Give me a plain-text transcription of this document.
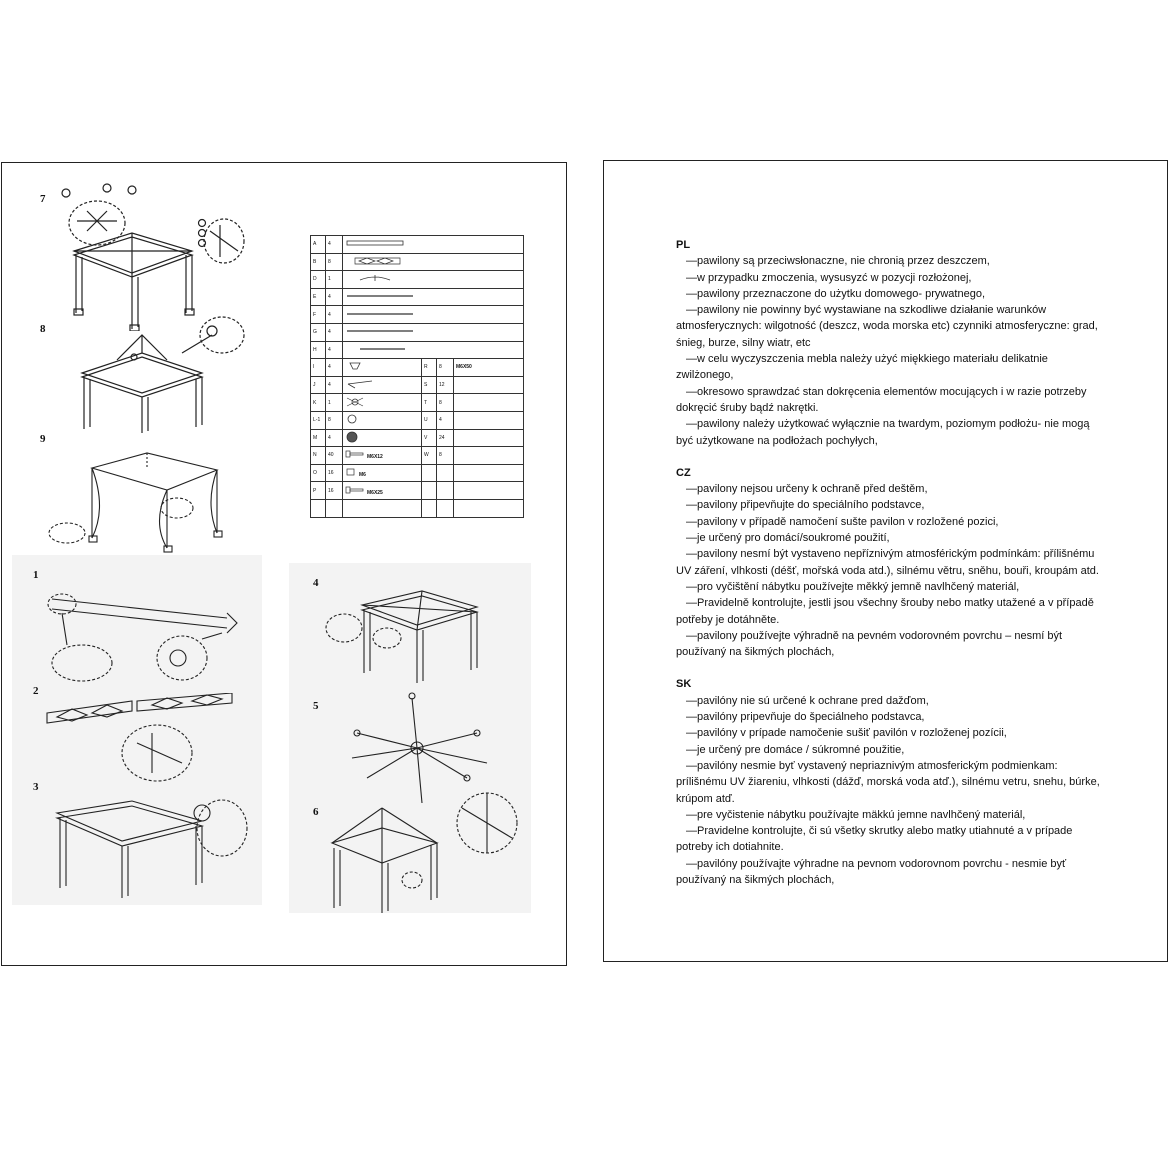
7
8
9
1
2
3
4
5
6
A	4	
B	8	
D	1	
E	4	
F	4	
G	4	
H	4	
I	4		R	8	M6X50
J	4		S	12	
K	1		T	8	
L-1	8		U	4	
M	4		V	24	
N	40	M6X12	W	8	
O	16	M6			
P	16	M6X25			

PL

—pawilony są przeciwsłonaczne, nie chronią przez deszczem,

—w przypadku zmoczenia, wysusyzć w pozycji rozłożonej,

—pawilony przeznaczone do użytku domowego- prywatnego,

—pawilony nie powinny być wystawiane na szkodliwe działanie warunków

atmosferycznych: wilgotność (deszcz, woda morska etc) czynniki atmosferyczne: grad,

śnieg, burze, silny wiatr, etc

—w celu wyczyszczenia mebla należy użyć miękkiego materiału delikatnie

zwilżonego,

—okresowo sprawdzać stan dokręcenia elementów mocujących i w razie potrzeby

dokręcić śruby bądź nakrętki.

—pawilony należy użytkować wyłącznie na twardym, poziomym podłożu- nie mogą

być użytkowane na podłożach pochyłych,

CZ

—pavilony nejsou určeny k ochraně před deštěm,

—pavilony připevňujte do speciálního podstavce,

—pavilony v případě namočení sušte pavilon v rozložené pozici,

—je určený pro domácí/soukromé použití,

—pavilony nesmí být vystaveno nepříznivým atmosférickým podmínkám: přílišnému

UV záření, vlhkosti (déšť, mořská voda atd.), silnému větru, sněhu, bouři, kroupám atd.

—pro vyčištění nábytku používejte měkký jemně navlhčený materiál,

—Pravidelně kontrolujte, jestli jsou všechny šrouby nebo matky utažené a v případě

potřeby je dotáhněte.

—pavilony používejte výhradně na pevném vodorovném povrchu – nesmí být

používaný na šikmých plochách,

SK

—pavilóny nie sú určené k ochrane pred dažďom,

—pavilóny pripevňuje do špeciálneho podstavca,

—pavilóny v prípade namočenie sušiť pavilón v rozloženej pozícii,

—je určený pre domáce / súkromné použitie,

—pavilóny nesmie byť vystavený nepriaznivým atmosferickým podmienkam:

prílišnému UV žiareniu, vlhkosti (dážď, morská voda atď.), silnému vetru, snehu, búrke,

krúpom atď.

—pre vyčistenie nábytku používajte mäkkú jemne navlhčený materiál,

—Pravidelne kontrolujte, či sú všetky skrutky alebo matky utiahnuté a v prípade

potreby ich dotiahnite.

—pavilóny používajte výhradne na pevnom vodorovnom povrchu - nesmie byť

používaný na šikmých plochách,
